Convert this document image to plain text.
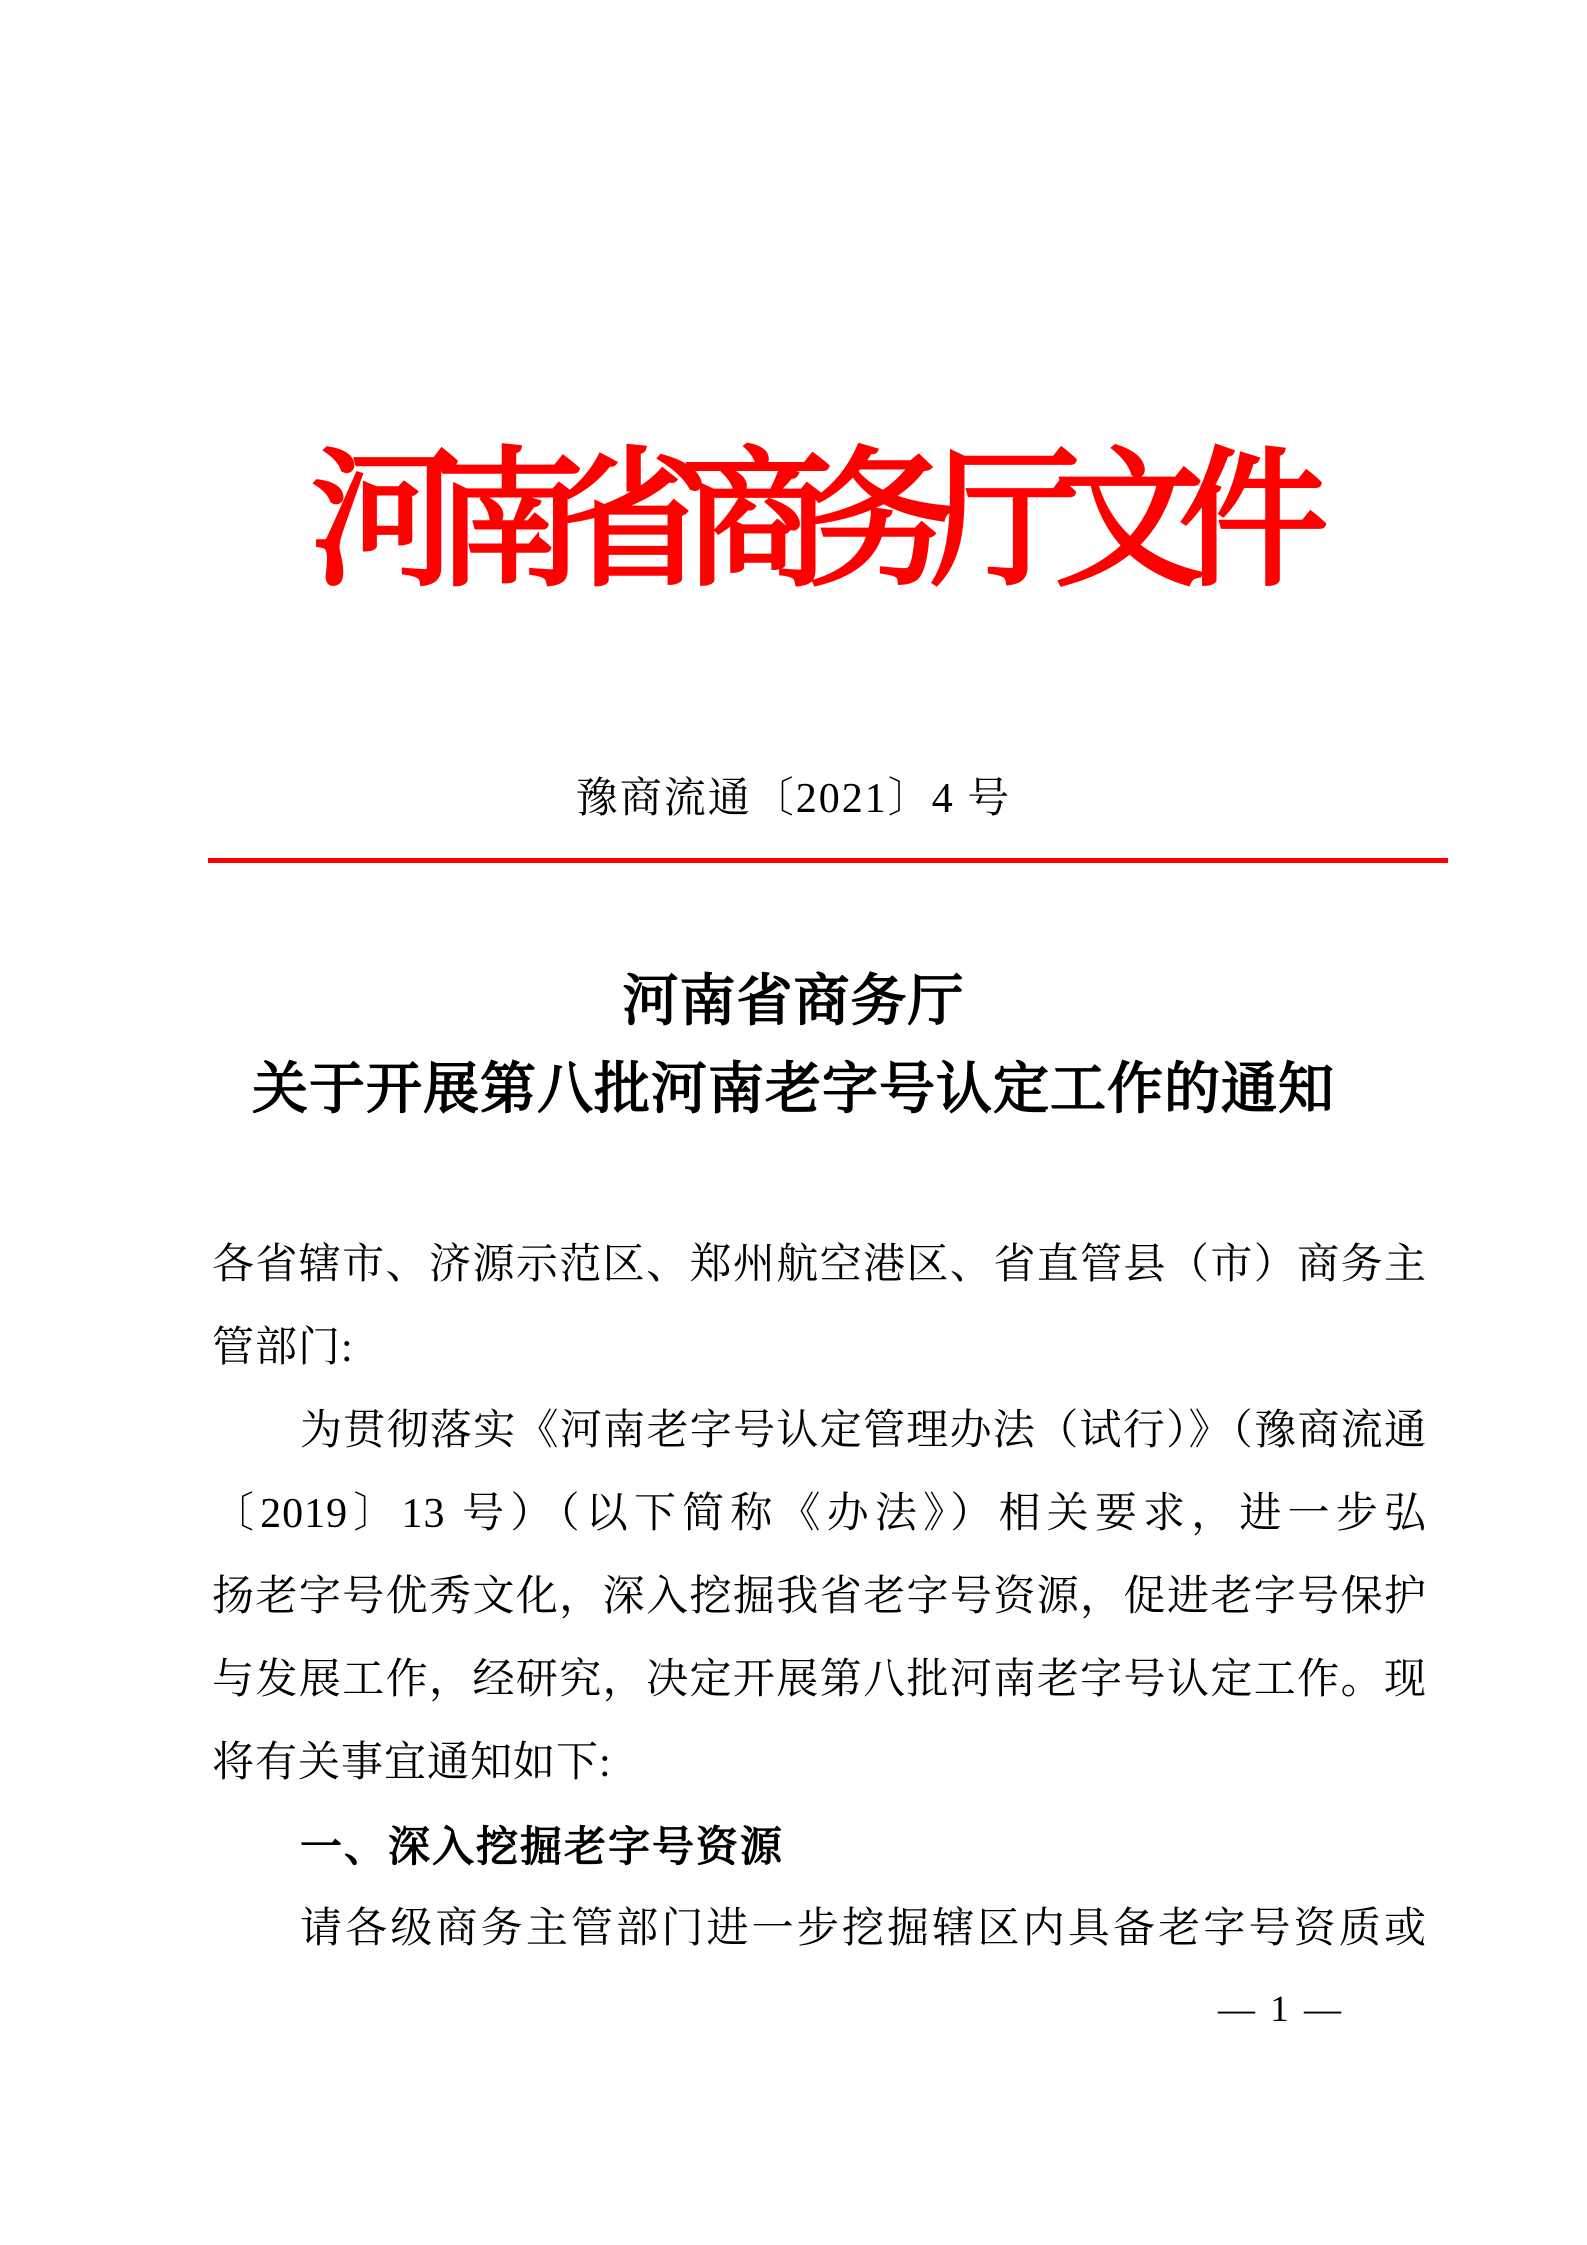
河南省商务厅文件
豫商流通〔2021〕4 号
河南省商务厅
关于开展第八批河南老字号认定工作的通知
各省辖市、济源示范区、郑州航空港区、省直管县（市）商务主
管部门:
为贯彻落实《河南老字号认定管理办法（试行）》（豫商流通
〔2019〕13 号）（以下简称《办法》）相关要求，进一步弘
扬老字号优秀文化，深入挖掘我省老字号资源，促进老字号保护
与发展工作，经研究，决定开展第八批河南老字号认定工作。现
将有关事宜通知如下:
一、深入挖掘老字号资源
请各级商务主管部门进一步挖掘辖区内具备老字号资质或
— 1 —
